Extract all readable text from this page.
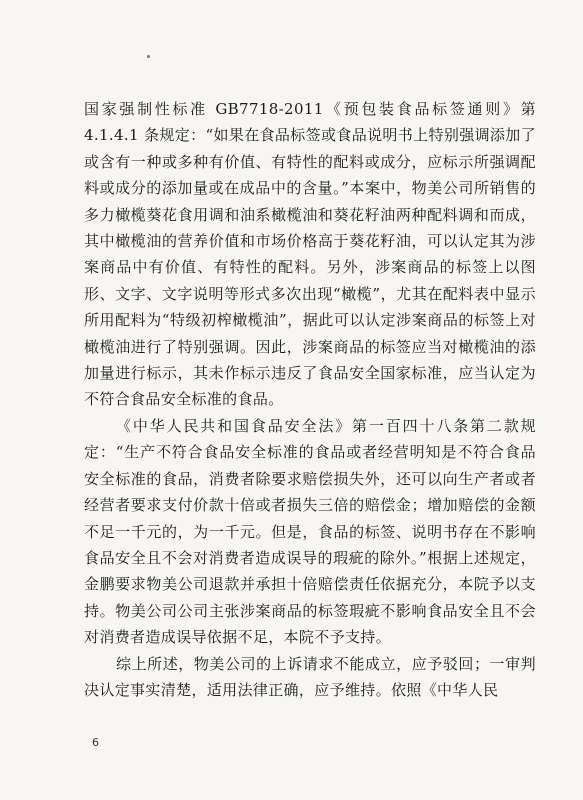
国家强制性标准 GB7718-2011《预包装食品标签通则》第 4.1.4.1 条规定：“如果在食品标签或食品说明书上特别强调添加了或含有一种或多种有价值、有特性的配料或成分，应标示所强调配料或成分的添加量或在成品中的含量。”本案中，物美公司所销售的多力橄榄葵花食用调和油系橄榄油和葵花籽油两种配料调和而成，其中橄榄油的营养价值和市场价格高于葵花籽油，可以认定其为涉案商品中有价值、有特性的配料。另外，涉案商品的标签上以图形、文字、文字说明等形式多次出现“橄榄”，尤其在配料表中显示所用配料为“特级初榨橄榄油”，据此可以认定涉案商品的标签上对橄榄油进行了特别强调。因此，涉案商品的标签应当对橄榄油的添加量进行标示，其未作标示违反了食品安全国家标准，应当认定为不符合食品安全标准的食品。

《中华人民共和国食品安全法》第一百四十八条第二款规定：“生产不符合食品安全标准的食品或者经营明知是不符合食品安全标准的食品，消费者除要求赔偿损失外，还可以向生产者或者经营者要求支付价款十倍或者损失三倍的赔偿金；增加赔偿的金额不足一千元的，为一千元。但是，食品的标签、说明书存在不影响食品安全且不会对消费者造成误导的瑕疵的除外。”根据上述规定，金鹏要求物美公司退款并承担十倍赔偿责任依据充分，本院予以支持。物美公司公司主张涉案商品的标签瑕疵不影响食品安全且不会对消费者造成误导依据不足，本院不予支持。

综上所述，物美公司的上诉请求不能成立，应予驳回；一审判决认定事实清楚，适用法律正确，应予维持。依照《中华人民

6
